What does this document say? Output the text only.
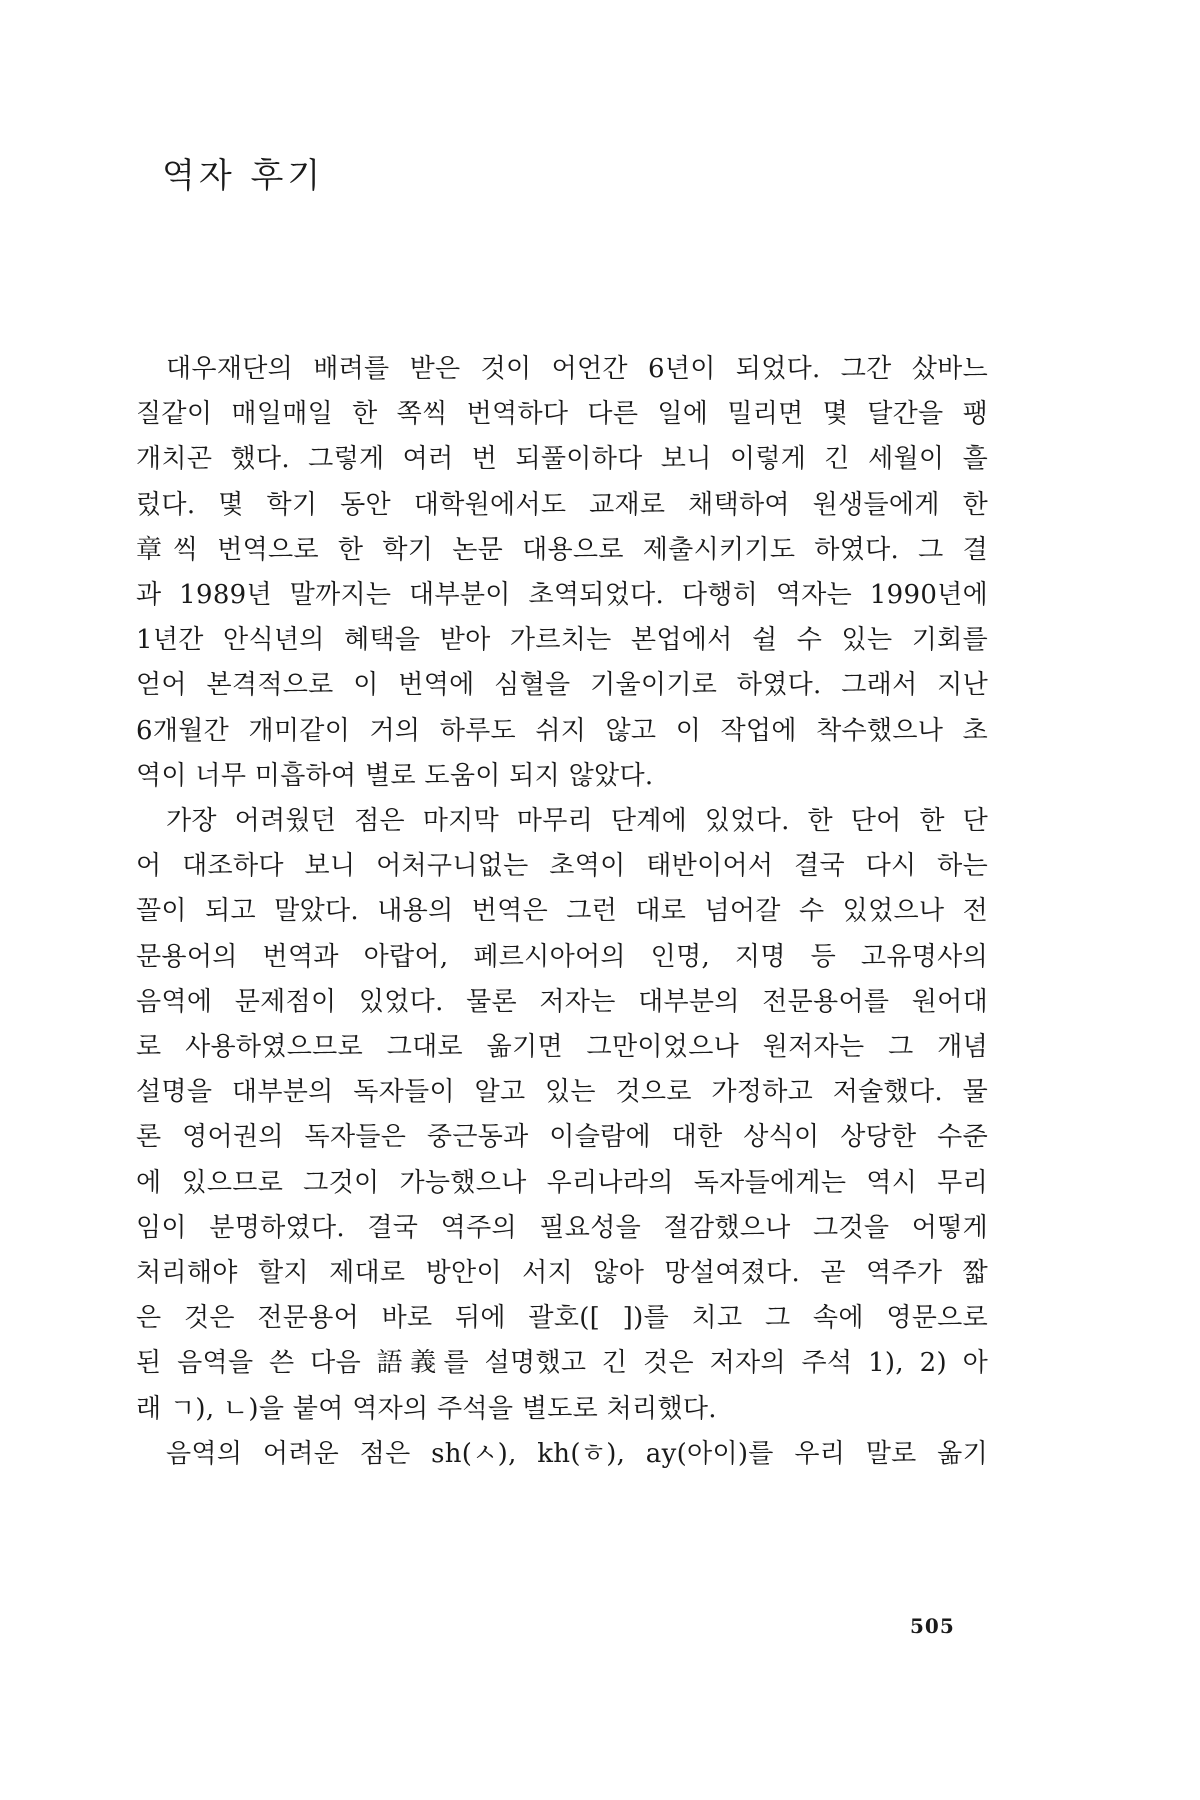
역자 후기

대우재단의 배려를 받은 것이 어언간 6년이 되었다. 그간 샀바느
질같이 매일매일 한 쪽씩 번역하다 다른 일에 밀리면 몇 달간을 팽
개치곤 했다. 그렇게 여러 번 되풀이하다 보니 이렇게 긴 세월이 흘
렀다. 몇 학기 동안 대학원에서도 교재로 채택하여 원생들에게 한
章씩 번역으로 한 학기 논문 대용으로 제출시키기도 하였다. 그 결
과 1989년 말까지는 대부분이 초역되었다. 다행히 역자는 1990년에
1년간 안식년의 혜택을 받아 가르치는 본업에서 쉴 수 있는 기회를
얻어 본격적으로 이 번역에 심혈을 기울이기로 하였다. 그래서 지난
6개월간 개미같이 거의 하루도 쉬지 않고 이 작업에 착수했으나 초
역이 너무 미흡하여 별로 도움이 되지 않았다.

가장 어려웠던 점은 마지막 마무리 단계에 있었다. 한 단어 한 단
어 대조하다 보니 어처구니없는 초역이 태반이어서 결국 다시 하는
꼴이 되고 말았다. 내용의 번역은 그런 대로 넘어갈 수 있었으나 전
문용어의 번역과 아랍어, 페르시아어의 인명, 지명 등 고유명사의
음역에 문제점이 있었다. 물론 저자는 대부분의 전문용어를 원어대
로 사용하였으므로 그대로 옮기면 그만이었으나 원저자는 그 개념
설명을 대부분의 독자들이 알고 있는 것으로 가정하고 저술했다. 물
론 영어권의 독자들은 중근동과 이슬람에 대한 상식이 상당한 수준
에 있으므로 그것이 가능했으나 우리나라의 독자들에게는 역시 무리
임이 분명하였다. 결국 역주의 필요성을 절감했으나 그것을 어떻게
처리해야 할지 제대로 방안이 서지 않아 망설여졌다. 곧 역주가 짧
은 것은 전문용어 바로 뒤에 괄호([ ])를 치고 그 속에 영문으로
된 음역을 쓴 다음 語義를 설명했고 긴 것은 저자의 주석 1), 2) 아
래 ㄱ), ㄴ)을 붙여 역자의 주석을 별도로 처리했다.

음역의 어려운 점은 sh(ㅅ), kh(ㅎ), ay(아이)를 우리 말로 옮기

505
